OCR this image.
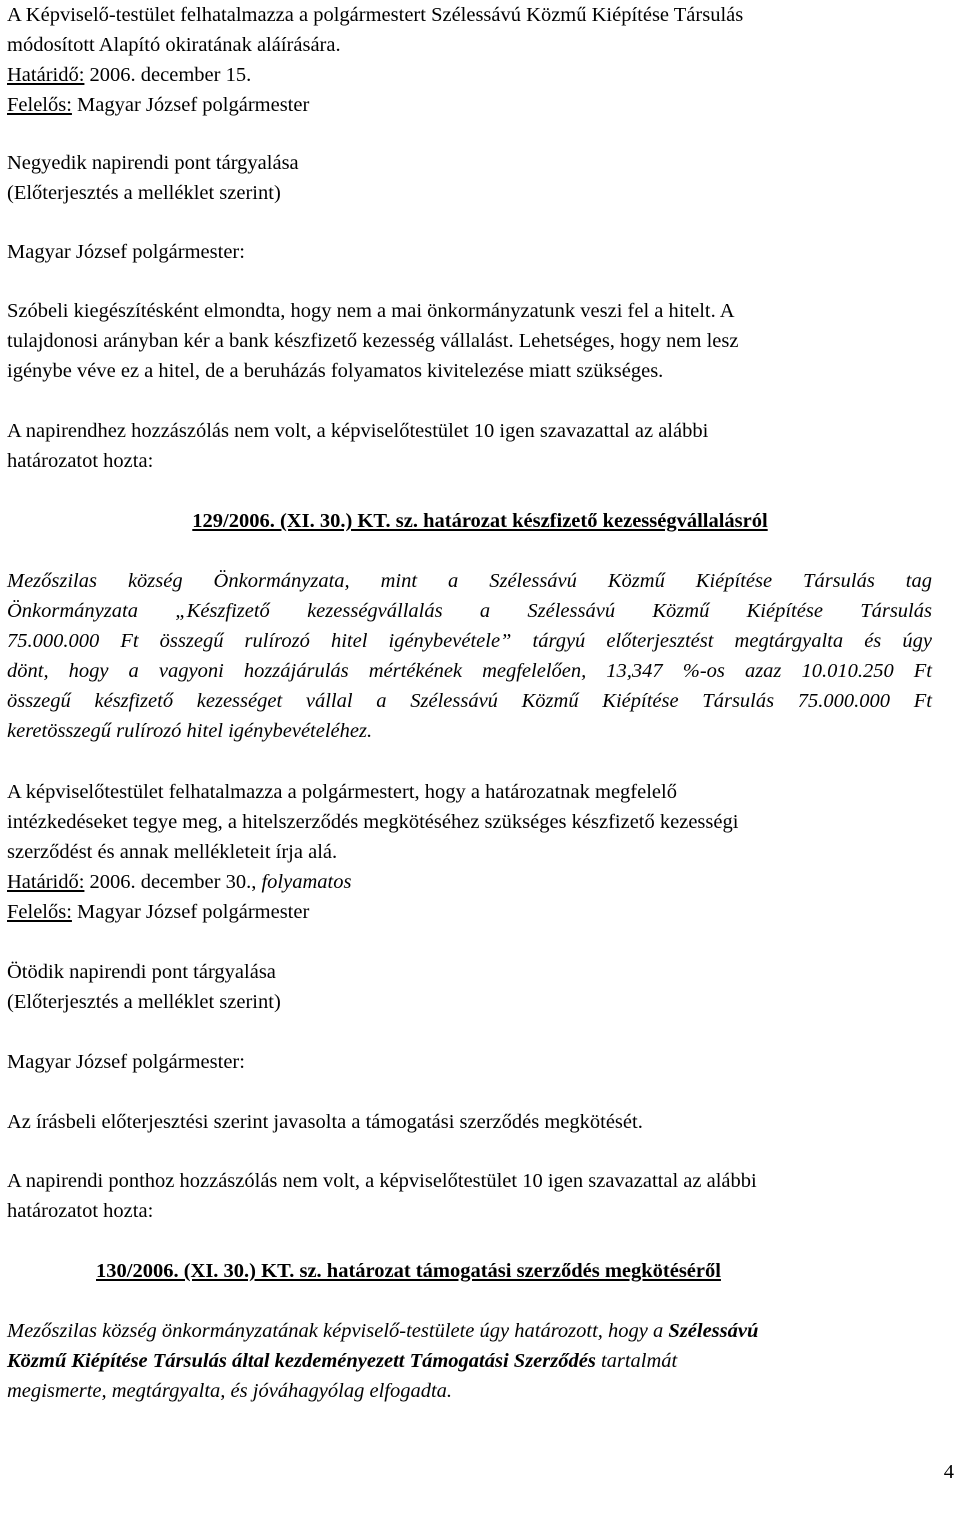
A Képviselő-testület felhatalmazza a polgármestert Szélessávú Közmű Kiépítése Társulás
módosított Alapító okiratának aláírására.
Határidő: 2006. december 15.
Felelős: Magyar József polgármester

Negyedik napirendi pont tárgyalása
(Előterjesztés a melléklet szerint)

Magyar József polgármester:

Szóbeli kiegészítésként elmondta, hogy nem a mai önkormányzatunk veszi fel a hitelt. A
tulajdonosi arányban kér a bank készfizető kezesség vállalást. Lehetséges, hogy nem lesz
igénybe véve ez a hitel, de a beruházás folyamatos kivitelezése miatt szükséges.

A napirendhez hozzászólás nem volt, a képviselőtestület 10 igen szavazattal az alábbi
határozatot hozta:

129/2006. (XI. 30.) KT. sz. határozat készfizető kezességvállalásról

Mezőszilas község Önkormányzata, mint a Szélessávú Közmű Kiépítése Társulás tag
Önkormányzata „Készfizető kezességvállalás a Szélessávú Közmű Kiépítése Társulás
75.000.000 Ft összegű rulírozó hitel igénybevétele” tárgyú előterjesztést megtárgyalta és úgy
dönt, hogy a vagyoni hozzájárulás mértékének megfelelően, 13,347 %-os azaz 10.010.250 Ft
összegű készfizető kezességet vállal a Szélessávú Közmű Kiépítése Társulás 75.000.000 Ft
keretösszegű rulírozó hitel igénybevételéhez.

A képviselőtestület felhatalmazza a polgármestert, hogy a határozatnak megfelelő
intézkedéseket tegye meg, a hitelszerződés megkötéséhez szükséges készfizető kezességi
szerződést és annak mellékleteit írja alá.
Határidő: 2006. december 30., folyamatos
Felelős: Magyar József polgármester

Ötödik napirendi pont tárgyalása
(Előterjesztés a melléklet szerint)

Magyar József polgármester:

Az írásbeli előterjesztési szerint javasolta a támogatási szerződés megkötését.

A napirendi ponthoz hozzászólás nem volt, a képviselőtestület 10 igen szavazattal az alábbi
határozatot hozta:

130/2006. (XI. 30.) KT. sz. határozat támogatási szerződés megkötéséről

Mezőszilas község önkormányzatának képviselő-testülete úgy határozott, hogy a Szélessávú
Közmű Kiépítése Társulás által kezdeményezett Támogatási Szerződés tartalmát
megismerte, megtárgyalta, és jóváhagyólag elfogadta.

4
